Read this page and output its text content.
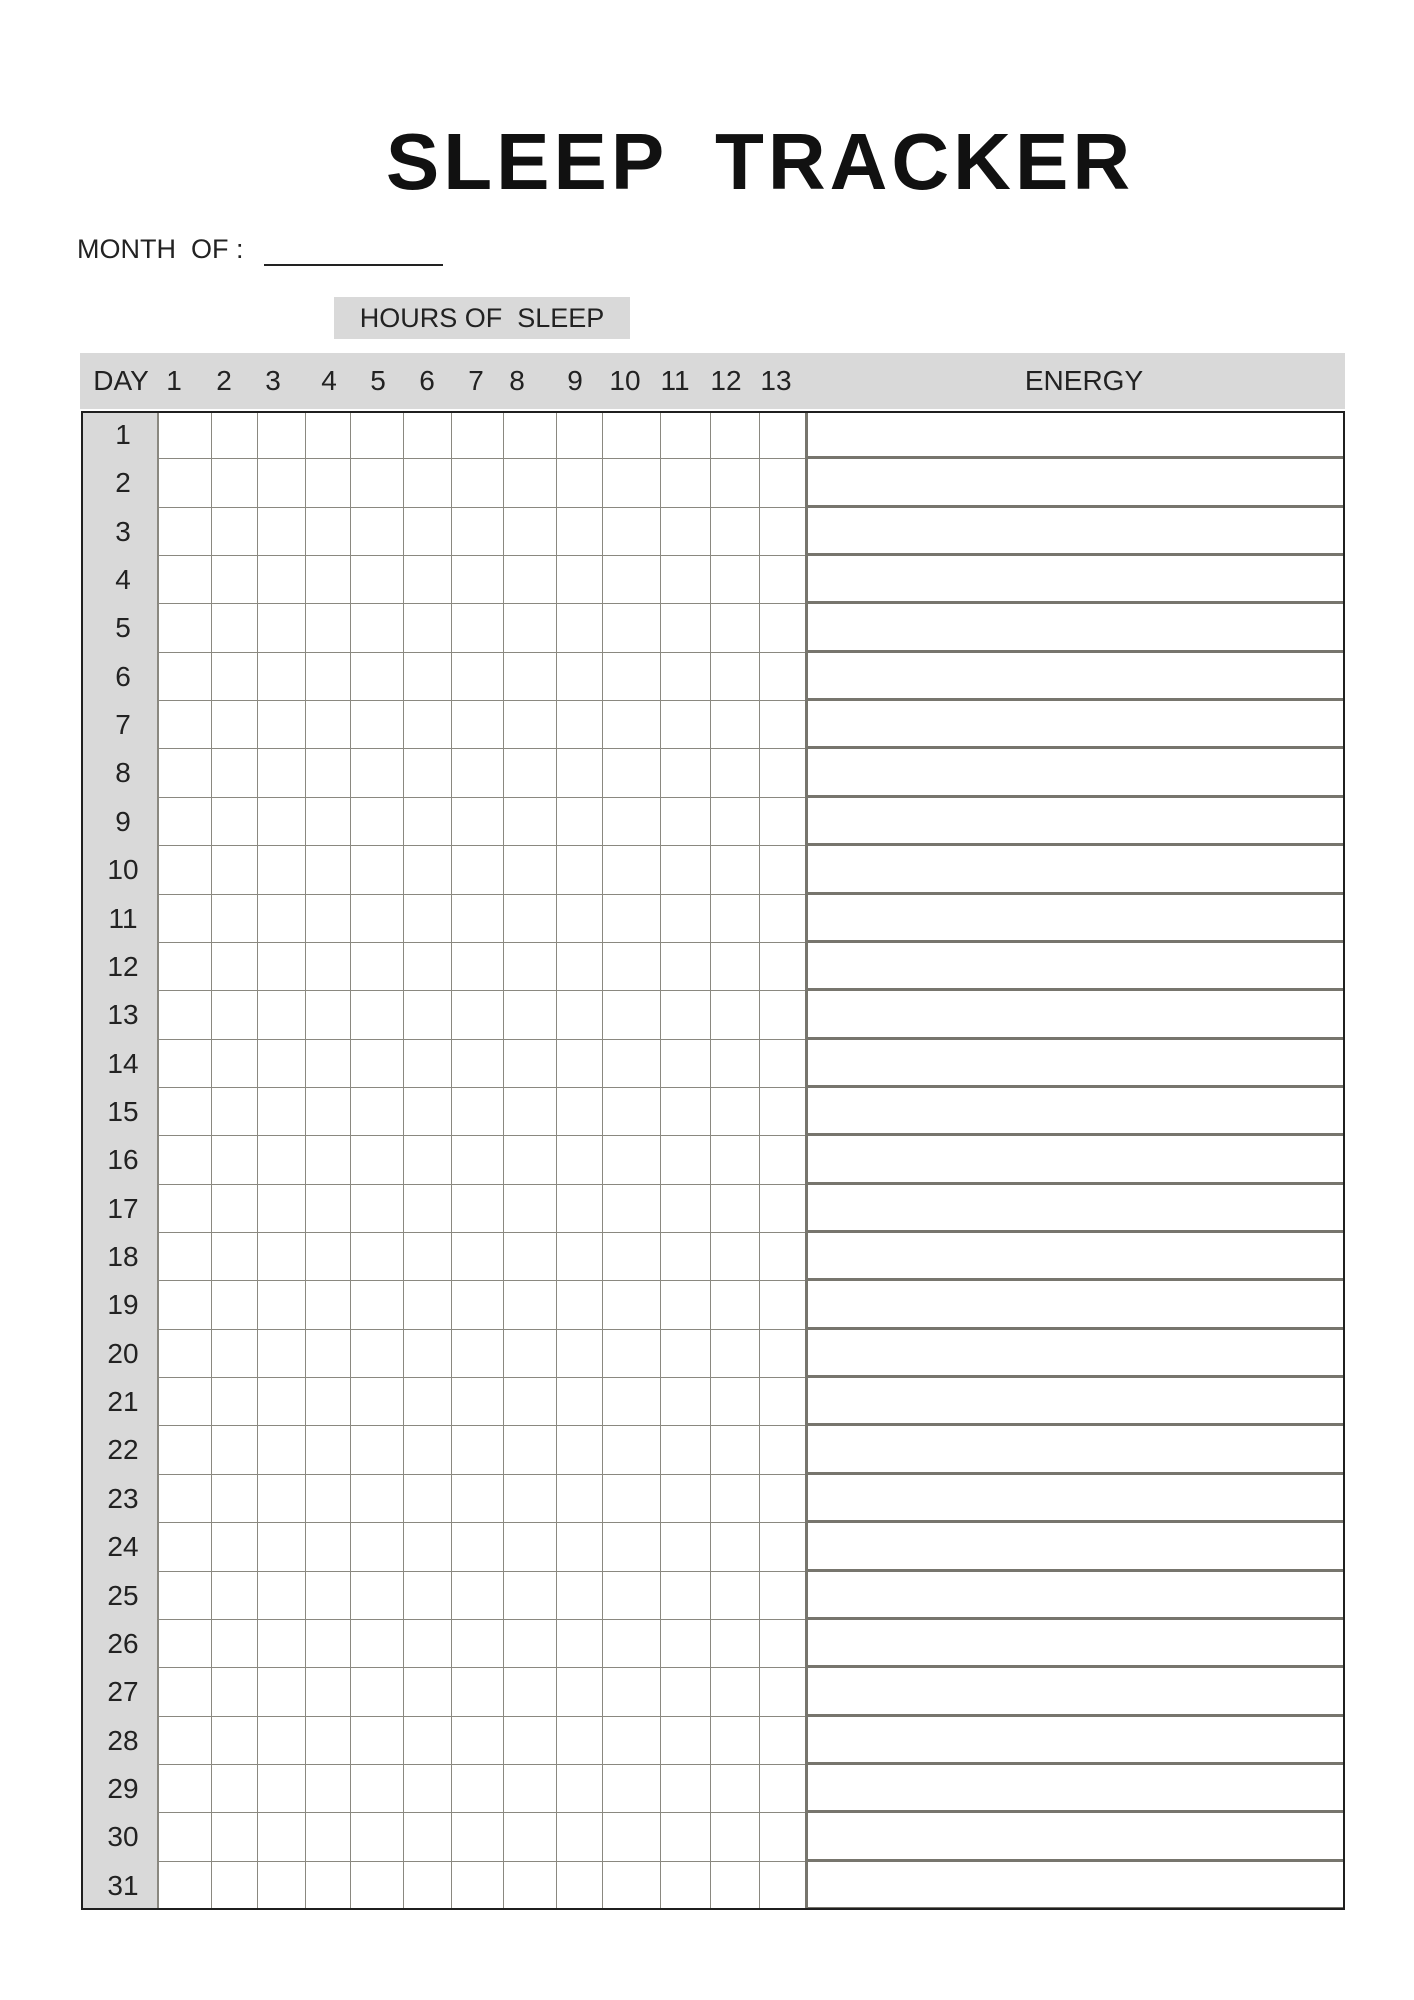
SLEEP TRACKER
MONTH  OF :
HOURS OF  SLEEP
DAY	ENERGY
1 2 3 4 5 6 7 8 9 10 11 12 13
1
2
3
4
5
6
7
8
9
10
11
12
13
14
15
16
17
18
19
20
21
22
23
24
25
26
27
28
29
30
31
